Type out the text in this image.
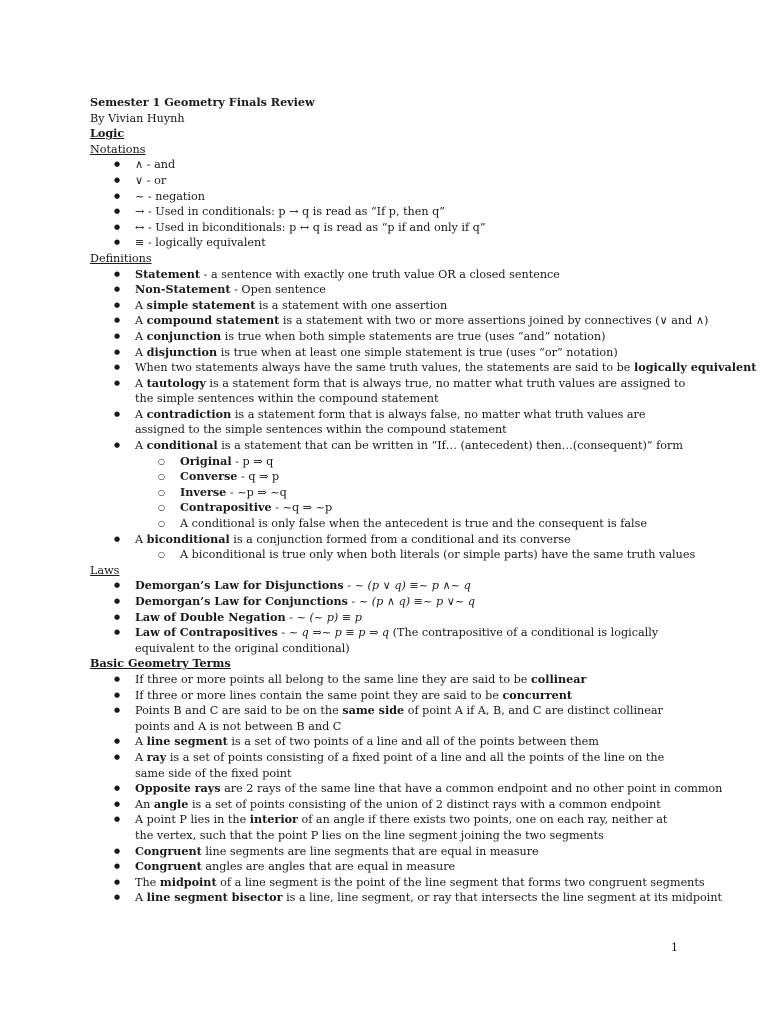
Semester 1 Geometry Finals Review
By Vivian Huynh
Logic
Notations
● ∧ - and
● ∨ - or
● ~ - negation
● → - Used in conditionals: p → q is read as “If p, then q”
● ↔ - Used in biconditionals: p ↔ q is read as “p if and only if q”
● ≡ - logically equivalent
Definitions
● Statement - a sentence with exactly one truth value OR a closed sentence
● Non-Statement - Open sentence
● A simple statement is a statement with one assertion
● A compound statement is a statement with two or more assertions joined by connectives (∨ and ∧)
● A conjunction is true when both simple statements are true (uses “and” notation)
● A disjunction is true when at least one simple statement is true (uses “or” notation)
● When two statements always have the same truth values, the statements are said to be logically equivalent
● A tautology is a statement form that is always true, no matter what truth values are assigned to the simple sentences within the compound statement
● A contradiction is a statement form that is always false, no matter what truth values are assigned to the simple sentences within the compound statement
● A conditional is a statement that can be written in “If… (antecedent) then…(consequent)” form
○ Original - p ⇒ q
○ Converse - q ⇒ p
○ Inverse - ~p ⇒ ~q
○ Contrapositive - ~q ⇒ ~p
○ A conditional is only false when the antecedent is true and the consequent is false
● A biconditional is a conjunction formed from a conditional and its converse
○ A biconditional is true only when both literals (or simple parts) have the same truth values
Laws
● Demorgan’s Law for Disjunctions - ~ (p ∨ q) ≡~ p ∧~ q
● Demorgan’s Law for Conjunctions - ~ (p ∧ q) ≡~ p ∨~ q
● Law of Double Negation - ~ (~ p) ≡ p
● Law of Contrapositives - ~ q ⇒~ p ≡ p ⇒ q (The contrapositive of a conditional is logically equivalent to the original conditional)
Basic Geometry Terms
● If three or more points all belong to the same line they are said to be collinear
● If three or more lines contain the same point they are said to be concurrent
● Points B and C are said to be on the same side of point A if A, B, and C are distinct collinear points and A is not between B and C
● A line segment is a set of two points of a line and all of the points between them
● A ray is a set of points consisting of a fixed point of a line and all the points of the line on the same side of the fixed point
● Opposite rays are 2 rays of the same line that have a common endpoint and no other point in common
● An angle is a set of points consisting of the union of 2 distinct rays with a common endpoint
● A point P lies in the interior of an angle if there exists two points, one on each ray, neither at the vertex, such that the point P lies on the line segment joining the two segments
● Congruent line segments are line segments that are equal in measure
● Congruent angles are angles that are equal in measure
● The midpoint of a line segment is the point of the line segment that forms two congruent segments
● A line segment bisector is a line, line segment, or ray that intersects the line segment at its midpoint
1
